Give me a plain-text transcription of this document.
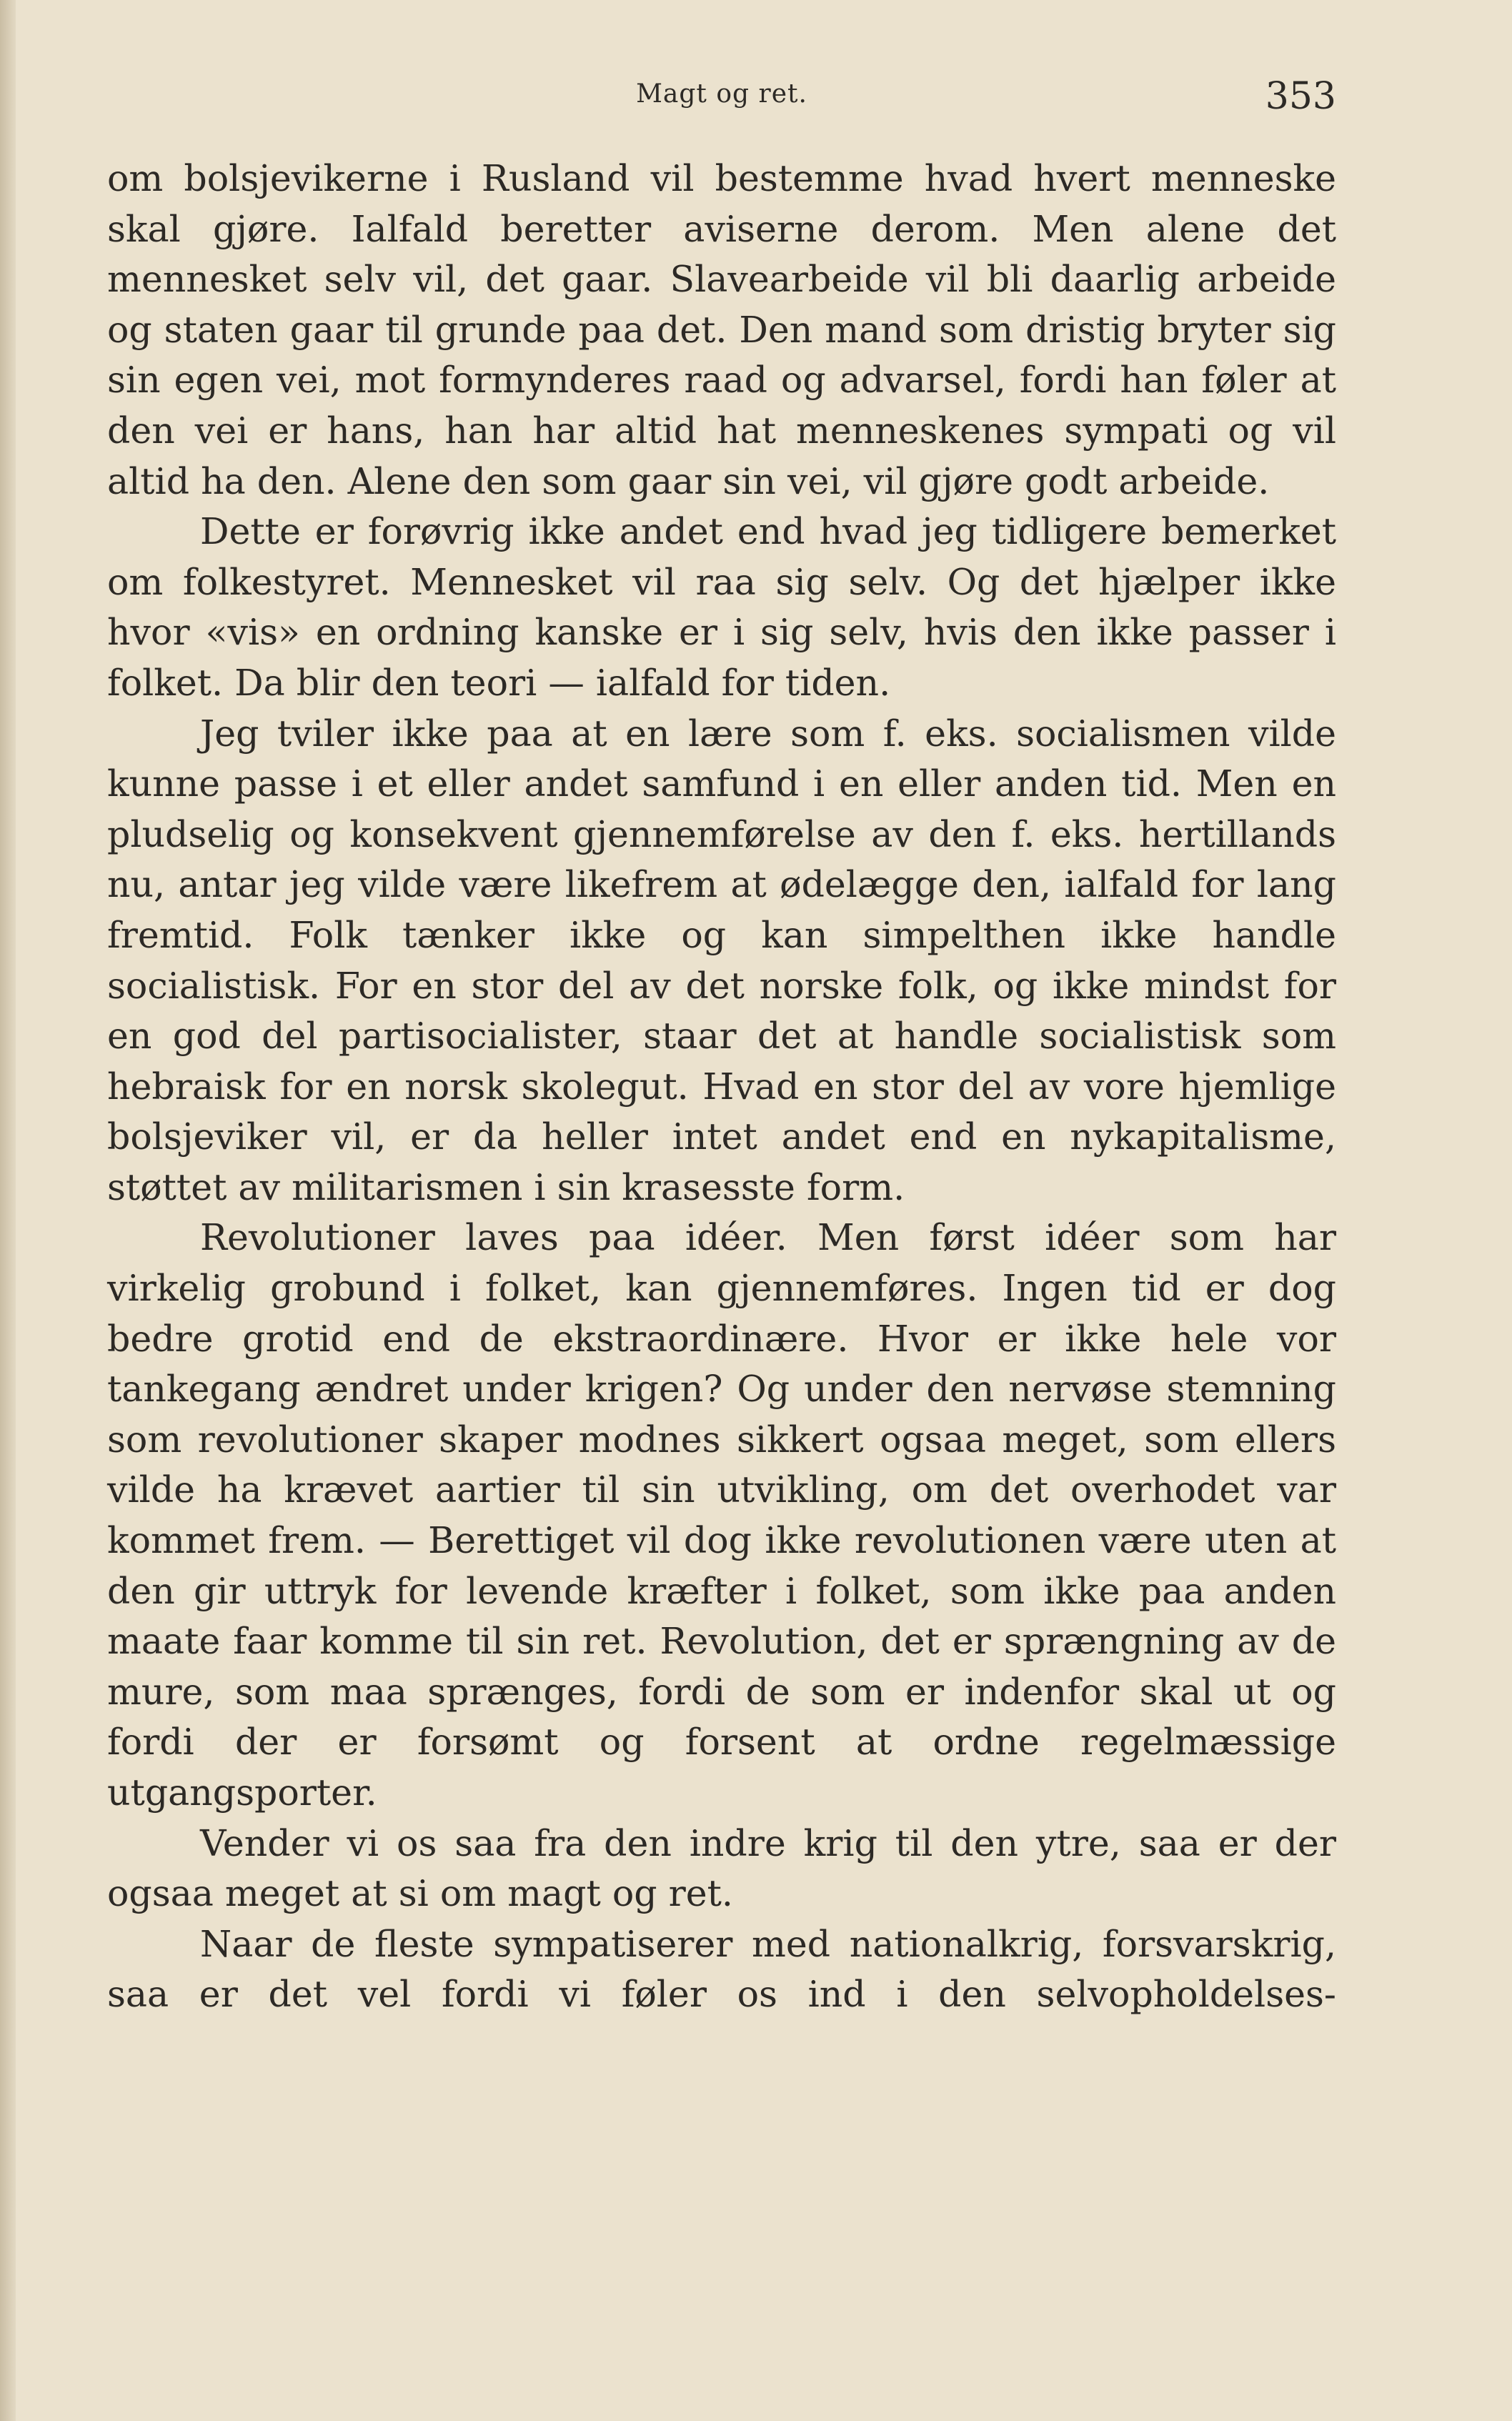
Magt og ret.	353

om bolsjevikerne i Rusland vil bestemme hvad hvert menneske skal gjøre. Ialfald beretter aviserne derom. Men alene det mennesket selv vil, det gaar. Slavearbeide vil bli daarlig arbeide og staten gaar til grunde paa det. Den mand som dristig bryter sig sin egen vei, mot formynderes raad og advarsel, fordi han føler at den vei er hans, han har altid hat menneskenes sympati og vil altid ha den. Alene den som gaar sin vei, vil gjøre godt arbeide.

Dette er forøvrig ikke andet end hvad jeg tidligere bemerket om folkestyret. Mennesket vil raa sig selv. Og det hjælper ikke hvor «vis» en ordning kanske er i sig selv, hvis den ikke passer i folket. Da blir den teori — ialfald for tiden.

Jeg tviler ikke paa at en lære som f. eks. socialismen vilde kunne passe i et eller andet samfund i en eller anden tid. Men en pludselig og konsekvent gjennemførelse av den f. eks. hertillands nu, antar jeg vilde være likefrem at ødelægge den, ialfald for lang fremtid. Folk tænker ikke og kan simpelthen ikke handle socialistisk. For en stor del av det norske folk, og ikke mindst for en god del partisocialister, staar det at handle socialistisk som hebraisk for en norsk skolegut. Hvad en stor del av vore hjemlige bolsjeviker vil, er da heller intet andet end en nykapitalisme, støttet av militarismen i sin krasesste form.

Revolutioner laves paa idéer. Men først idéer som har virkelig grobund i folket, kan gjennemføres. Ingen tid er dog bedre grotid end de ekstraordinære. Hvor er ikke hele vor tankegang ændret under krigen? Og under den nervøse stemning som revolutioner skaper modnes sikkert ogsaa meget, som ellers vilde ha krævet aartier til sin utvikling, om det overhodet var kommet frem. — Berettiget vil dog ikke revolutionen være uten at den gir uttryk for levende kræfter i folket, som ikke paa anden maate faar komme til sin ret. Revolution, det er sprængning av de mure, som maa sprænges, fordi de som er indenfor skal ut og fordi der er forsømt og forsent at ordne regelmæssige utgangsporter.

Vender vi os saa fra den indre krig til den ytre, saa er der ogsaa meget at si om magt og ret.

Naar de fleste sympatiserer med nationalkrig, forsvarskrig, saa er det vel fordi vi føler os ind i den selvopholdelses-
